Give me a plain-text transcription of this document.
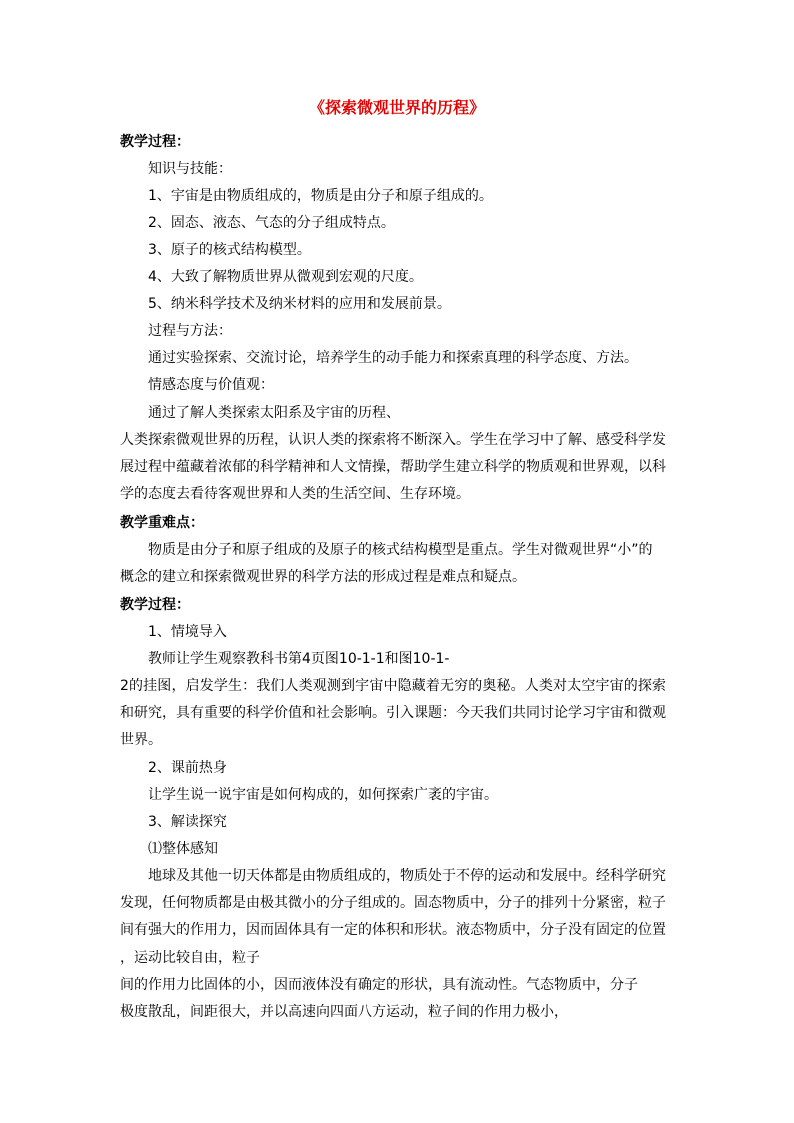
《探索微观世界的历程》
教学过程：
知识与技能：
1、宇宙是由物质组成的，物质是由分子和原子组成的。
2、固态、液态、气态的分子组成特点。
3、原子的核式结构模型。
4、大致了解物质世界从微观到宏观的尺度。
5、纳米科学技术及纳米材料的应用和发展前景。
过程与方法：
通过实验探索、交流讨论，培养学生的动手能力和探索真理的科学态度、方法。
情感态度与价值观：
通过了解人类探索太阳系及宇宙的历程、
人类探索微观世界的历程，认识人类的探索将不断深入。学生在学习中了解、感受科学发
展过程中蕴藏着浓郁的科学精神和人文情操，帮助学生建立科学的物质观和世界观，以科
学的态度去看待客观世界和人类的生活空间、生存环境。
教学重难点：
物质是由分子和原子组成的及原子的核式结构模型是重点。学生对微观世界“小”的
概念的建立和探索微观世界的科学方法的形成过程是难点和疑点。
教学过程：
1、情境导入
教师让学生观察教科书第4页图10-1-1和图10-1-
2的挂图，启发学生：我们人类观测到宇宙中隐藏着无穷的奥秘。人类对太空宇宙的探索
和研究，具有重要的科学价值和社会影响。引入课题：今天我们共同讨论学习宇宙和微观
世界。
2、课前热身
让学生说一说宇宙是如何构成的，如何探索广袤的宇宙。
3、解读探究
⑴整体感知
地球及其他一切天体都是由物质组成的，物质处于不停的运动和发展中。经科学研究
发现，任何物质都是由极其微小的分子组成的。固态物质中，分子的排列十分紧密，粒子
间有强大的作用力，因而固体具有一定的体积和形状。液态物质中，分子没有固定的位置
，运动比较自由，粒子
间的作用力比固体的小，因而液体没有确定的形状，具有流动性。气态物质中，分子
极度散乱，间距很大，并以高速向四面八方运动，粒子间的作用力极小，
